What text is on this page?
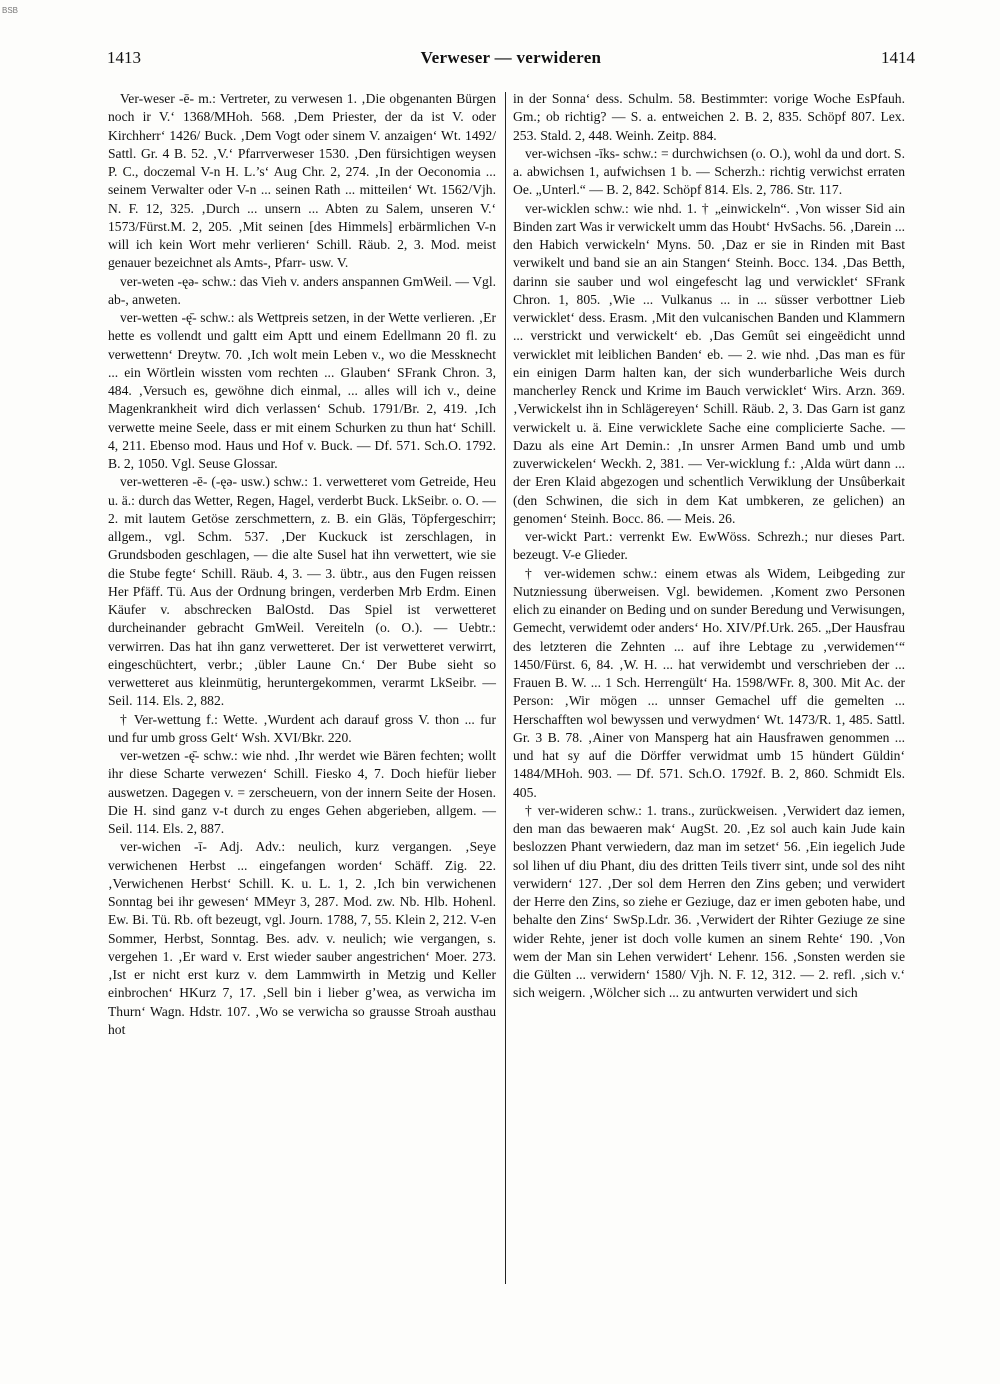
BSB
1413	Verweser — verwideren	1414

Ver-weser -ē- m.: Vertreter, zu verwesen 1. ‚Die obgenanten Bürgen noch ir V.‘ 1368/MHoh. 568. ‚Dem Priester, der da ist V. oder Kirchherr‘ 1426/ Buck. ‚Dem Vogt oder sinem V. anzaigen‘ Wt. 1492/ Sattl. Gr. 4 B. 52. ‚V.‘ Pfarrverweser 1530. ‚Den fürsichtigen weysen P. C., doczemal V-n H. L.’s‘ Aug Chr. 2, 274. ‚In der Oeconomia ... seinem Verwalter oder V-n ... seinen Rath ... mitteilen‘ Wt. 1562/Vjh. N. F. 12, 325. ‚Durch ... unsern ... Abten zu Salem, unseren V.‘ 1573/Fürst.M. 2, 205. ‚Mit seinen [des Himmels] erbärmlichen V-n will ich kein Wort mehr verlieren‘ Schill. Räub. 2, 3. Mod. meist genauer bezeichnet als Amts-, Pfarr- usw. V.

ver-weten -ęə- schw.: das Vieh v. anders anspannen GmWeil. — Vgl. ab-, anweten.

ver-wetten -ę̄- schw.: als Wettpreis setzen, in der Wette verlieren. ‚Er hette es vollendt und galtt eim Aptt und einem Edellmann 20 fl. zu verwettenn‘ Dreytw. 70. ‚Ich wolt mein Leben v., wo die Messknecht ... ein Wörtlein wissten vom rechten ... Glauben‘ SFrank Chron. 3, 484. ‚Versuch es, gewöhne dich einmal, ... alles will ich v., deine Magenkrankheit wird dich verlassen‘ Schub. 1791/Br. 2, 419. ‚Ich verwette meine Seele, dass er mit einem Schurken zu thun hat‘ Schill. 4, 211. Ebenso mod. Haus und Hof v. Buck. — Df. 571. Sch.O. 1792. B. 2, 1050. Vgl. Seuse Glossar.

ver-wetteren -ē- (-ęə- usw.) schw.: 1. verwetteret vom Getreide, Heu u. ä.: durch das Wetter, Regen, Hagel, verderbt Buck. LkSeibr. o. O. — 2. mit lautem Getöse zerschmettern, z. B. ein Gläs, Töpfergeschirr; allgem., vgl. Schm. 537. ‚Der Kuckuck ist zerschlagen, in Grundsboden geschlagen, — die alte Susel hat ihn verwettert, wie sie die Stube fegte‘ Schill. Räub. 4, 3. — 3. übtr., aus den Fugen reissen Her Pfäff. Tü. Aus der Ordnung bringen, verderben Mrb Erdm. Einen Käufer v. abschrecken BalOstd. Das Spiel ist verwetteret durcheinander gebracht GmWeil. Vereiteln (o. O.). — Uebtr.: verwirren. Das hat ihn ganz verwetteret. Der ist verwetteret verwirrt, eingeschüchtert, verbr.; ‚übler Laune Cn.‘ Der Bube sieht so verwetteret aus kleinmütig, heruntergekommen, verarmt LkSeibr. — Seil. 114. Els. 2, 882.

† Ver-wettung f.: Wette. ‚Wurdent ach darauf gross V. thon ... fur und fur umb gross Gelt‘ Wsh. XVI/Bkr. 220.

ver-wetzen -ę̄- schw.: wie nhd. ‚Ihr werdet wie Bären fechten; wollt ihr diese Scharte verwezen‘ Schill. Fiesko 4, 7. Doch hiefür lieber auswetzen. Dagegen v. = zerscheuern, von der innern Seite der Hosen. Die H. sind ganz v-t durch zu enges Gehen abgerieben, allgem. — Seil. 114. Els. 2, 887.

ver-wichen -ī- Adj. Adv.: neulich, kurz vergangen. ‚Seye verwichenen Herbst ... eingefangen worden‘ Schäff. Zig. 22. ‚Verwichenen Herbst‘ Schill. K. u. L. 1, 2. ‚Ich bin verwichenen Sonntag bei ihr gewesen‘ MMeyr 3, 287. Mod. zw. Nb. Hlb. Hohenl. Ew. Bi. Tü. Rb. oft bezeugt, vgl. Journ. 1788, 7, 55. Klein 2, 212. V-en Sommer, Herbst, Sonntag. Bes. adv. v. neulich; wie vergangen, s. vergehen 1. ‚Er ward v. Erst wieder sauber angestrichen‘ Moer. 273. ‚Ist er nicht erst kurz v. dem Lammwirth in Metzig und Keller einbrochen‘ HKurz 7, 17. ‚Sell bin i lieber g’wea, as verwicha im Thurn‘ Wagn. Hdstr. 107. ‚Wo se verwicha so grausse Stroah austhau hot

in der Sonna‘ dess. Schulm. 58. Bestimmter: vorige Woche EsPfauh. Gm.; ob richtig? — S. a. entweichen 2. B. 2, 835. Schöpf 807. Lex. 253. Stald. 2, 448. Weinh. Zeitp. 884.

ver-wichsen -īks- schw.: = durchwichsen (o. O.), wohl da und dort. S. a. abwichsen 1, aufwichsen 1 b. — Scherzh.: richtig verwichst erraten Oe. „Unterl.“ — B. 2, 842. Schöpf 814. Els. 2, 786. Str. 117.

ver-wicklen schw.: wie nhd. 1. † „einwickeln“. ‚Von wisser Sid ain Binden zart Was ir verwickelt umm das Houbt‘ HvSachs. 56. ‚Darein ... den Habich verwickeln‘ Myns. 50. ‚Daz er sie in Rinden mit Bast verwikelt und band sie an ain Stangen‘ Steinh. Bocc. 134. ‚Das Betth, darinn sie sauber und wol eingefescht lag und verwicklet‘ SFrank Chron. 1, 805. ‚Wie ... Vulkanus ... in ... süsser verbottner Lieb verwicklet‘ dess. Erasm. ‚Mit den vulcanischen Banden und Klammern ... verstrickt und verwickelt‘ eb. ‚Das Gemût sei eingeëdicht unnd verwicklet mit leiblichen Banden‘ eb. — 2. wie nhd. ‚Das man es für ein einigen Darm halten kan, der sich wunderbarliche Weis durch mancherley Renck und Krime im Bauch verwicklet‘ Wirs. Arzn. 369. ‚Verwickelst ihn in Schlägereyen‘ Schill. Räub. 2, 3. Das Garn ist ganz verwickelt u. ä. Eine verwicklete Sache eine complicierte Sache. — Dazu als eine Art Demin.: ‚In unsrer Armen Band umb und umb zuverwickelen‘ Weckh. 2, 381. — Ver-wicklung f.: ‚Alda würt dann ... der Eren Klaid abgezogen und schentlich Verwiklung der Unsûberkait (den Schwinen, die sich in dem Kat umbkeren, ze gelichen) an genomen‘ Steinh. Bocc. 86. — Meis. 26.

ver-wickt Part.: verrenkt Ew. EwWöss. Schrezh.; nur dieses Part. bezeugt. V-e Glieder.

† ver-widemen schw.: einem etwas als Widem, Leibgeding zur Nutzniessung überweisen. Vgl. bewidemen. ‚Koment zwo Personen elich zu einander on Beding und on sunder Beredung und Verwisungen, Gemecht, verwidemt oder anders‘ Ho. XIV/Pf.Urk. 265. „Der Hausfrau des letzteren die Zehnten ... auf ihre Lebtage zu ‚verwidemen‘“ 1450/Fürst. 6, 84. ‚W. H. ... hat verwidembt und verschrieben der ... Frauen B. W. ... 1 Sch. Herrengült‘ Ha. 1598/WFr. 8, 300. Mit Ac. der Person: ‚Wir mögen ... unnser Gemachel uff die gemelten ... Herschafften wol bewyssen und verwydmen‘ Wt. 1473/R. 1, 485. Sattl. Gr. 3 B. 78. ‚Ainer von Mansperg hat ain Hausfrawen genommen ... und hat sy auf die Dörffer verwidmat umb 15 hündert Güldin‘ 1484/MHoh. 903. — Df. 571. Sch.O. 1792f. B. 2, 860. Schmidt Els. 405.

† ver-wideren schw.: 1. trans., zurückweisen. ‚Verwidert daz iemen, den man das bewaeren mak‘ AugSt. 20. ‚Ez sol auch kain Jude kain beslozzen Phant verwiedern, daz man im setzet‘ 56. ‚Ein iegelich Jude sol lihen uf diu Phant, diu des dritten Teils tiverr sint, unde sol des niht verwidern‘ 127. ‚Der sol dem Herren den Zins geben; und verwidert der Herre den Zins, so ziehe er Geziuge, daz er imen geboten habe, und behalte den Zins‘ SwSp.Ldr. 36. ‚Verwidert der Rihter Geziuge ze sine wider Rehte, jener ist doch volle kumen an sinem Rehte‘ 190. ‚Von wem der Man sin Lehen verwidert‘ Lehenr. 156. ‚Sonsten werden sie die Gülten ... verwidern‘ 1580/ Vjh. N. F. 12, 312. — 2. refl. ‚sich v.‘ sich weigern. ‚Wölcher sich ... zu antwurten verwidert und sich
